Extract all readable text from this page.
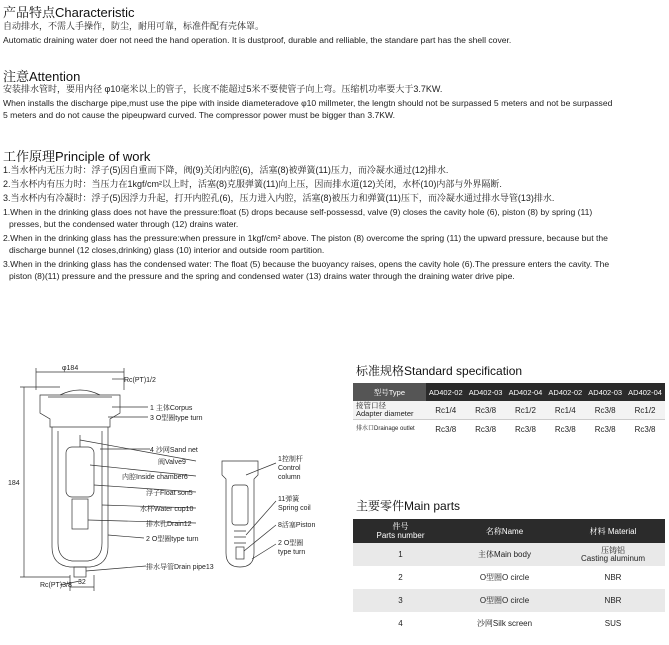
产品特点Characteristic
自动排水，不需人手操作，防尘，耐用可靠，标准件配有壳体罩。
Automatic draining water doer not need the hand operation. It is dustproof, durable and relliable, the standare part has the shell cover.
注意Attention
安装排水管时，要用内径 φ10毫米以上的管子，长度不能超过5米不要使管子向上弯。压缩机功率要大于3.7KW.
When installs the discharge pipe,must use the pipe with inside diameteradove φ10 millmeter, the lengtn should not be surpassed 5 meters and not be surpassed
5 meters and do not cause the pipeupward curved. The compressor power must be bigger than 3.7KW.
工作原理Principle of work
1.当水杯内无压力时：浮子(5)因自重而下降，阀(9)关闭内腔(6)，活塞(8)被弹簧(11)压力，而冷凝水通过(12)排水.
2.当水杯内有压力时：当压力在1kgf/cm²以上时，活塞(8)克服弹簧(11)向上压，因而排水道(12)关闭，水杯(10)内部与外界隔断.
3.当水杯内有冷凝时：浮子(5)因浮力升起，打开内腔孔(6)，压力进入内腔，活塞(8)被压力和弹簧(11)压下，而冷凝水通过排水导管(13)排水.
1.When in the drinking glass does not have the pressure:float (5) drops because self-possessd, valve (9) closes the cavity hole (6), piston (8) by spring (11)
presses, but the condensed water through (12) drains water.
2.When in the drinking glass has the pressure:when pressure in 1kgf/cm² above. The piston (8) overcome the spring (11) the upward pressure, because but the
discharge bunnel (12 closes,drinking) glass (10) interior and outside room partition.
3.When in the drinking glass has the condensed water: The float (5) because the buoyancy raises, opens the cavity hole (6).The pressure enters the cavity. The
piston (8)(11) pressure and the pressure and the spring and condensed water (13) drains water through the draining water drive pipe.
φ184
184
32
Rc(PT)1/2
1 主体Corpus
3 O型圈type turn
4 沙网Sand net
阀Valve9
内腔Inside chamber6
浮子Float son5
水杯Water cup10
排水孔Drain12
2 O型圈type turn
排水导管Drain pipe13
Rc(PT)3/8
1控制杆
Control
column
11弹簧
Spring coil
8活塞Piston
2 O型圈
type turn
标准规格Standard specification
型号Type	AD402-02	AD402-03	AD402-04	AD402-02	AD402-03	AD402-04
接管口径
Adapter diameter	Rc1/4	Rc3/8	Rc1/2	Rc1/4	Rc3/8	Rc1/2
排水口Drainage outlet	Rc3/8	Rc3/8	Rc3/8	Rc3/8	Rc3/8	Rc3/8
主要零件Main parts
件号
Parts number	名称Name	材料 Material
1	主体Main body	压铸铝
Casting aluminum
2	O型圈O circle	NBR
3	O型圈O circle	NBR
4	沙网Silk screen	SUS
